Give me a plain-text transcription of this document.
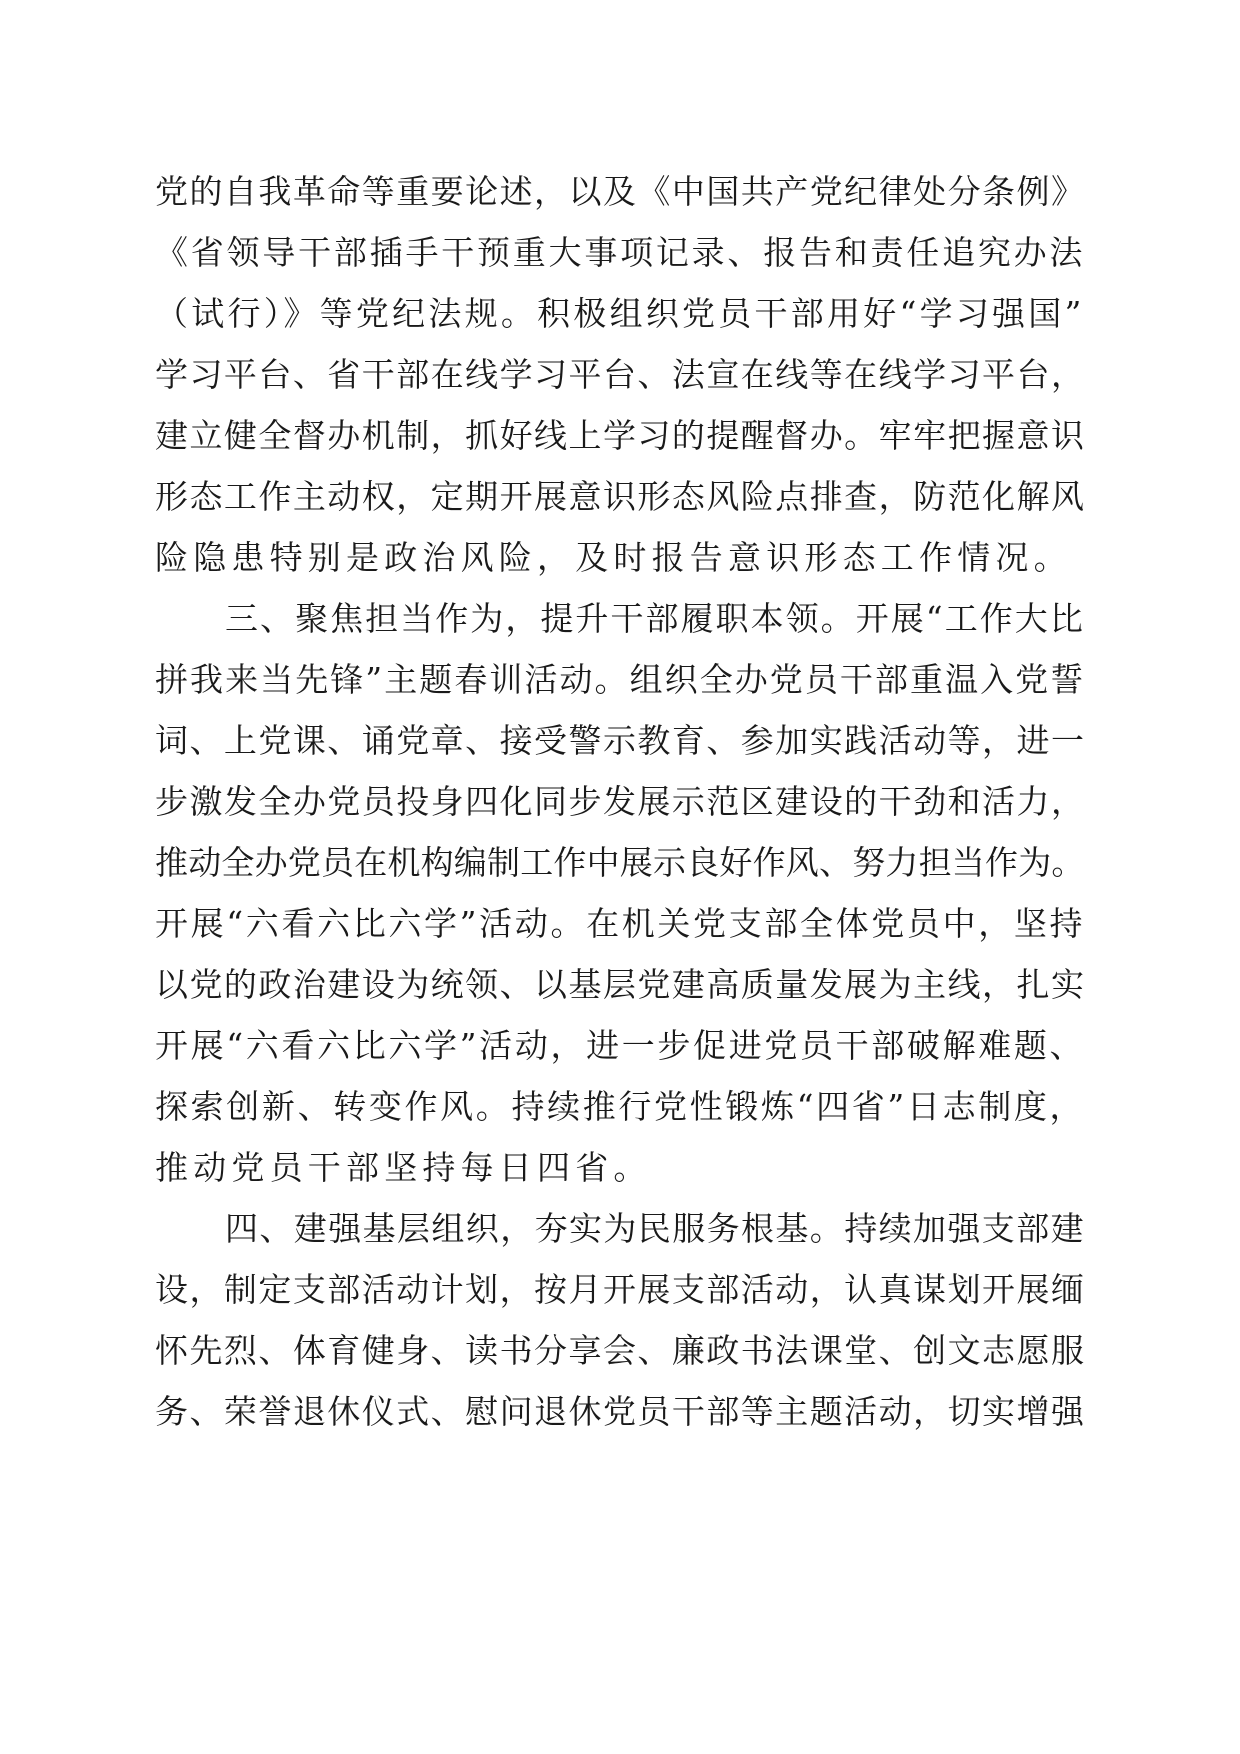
党的自我革命等重要论述，以及《中国共产党纪律处分条例》
《省领导干部插手干预重大事项记录、报告和责任追究办法
（试行）》等党纪法规。积极组织党员干部用好“学习强国”
学习平台、省干部在线学习平台、法宣在线等在线学习平台，
建立健全督办机制，抓好线上学习的提醒督办。牢牢把握意识
形态工作主动权，定期开展意识形态风险点排查，防范化解风
险隐患特别是政治风险，及时报告意识形态工作情况。
三、聚焦担当作为，提升干部履职本领。开展“工作大比
拼我来当先锋”主题春训活动。组织全办党员干部重温入党誓
词、上党课、诵党章、接受警示教育、参加实践活动等，进一
步激发全办党员投身四化同步发展示范区建设的干劲和活力，
推动全办党员在机构编制工作中展示良好作风、努力担当作为。
开展“六看六比六学”活动。在机关党支部全体党员中，坚持
以党的政治建设为统领、以基层党建高质量发展为主线，扎实
开展“六看六比六学”活动，进一步促进党员干部破解难题、
探索创新、转变作风。持续推行党性锻炼“四省”日志制度，
推动党员干部坚持每日四省。
四、建强基层组织，夯实为民服务根基。持续加强支部建
设，制定支部活动计划，按月开展支部活动，认真谋划开展缅
怀先烈、体育健身、读书分享会、廉政书法课堂、创文志愿服
务、荣誉退休仪式、慰问退休党员干部等主题活动，切实增强
